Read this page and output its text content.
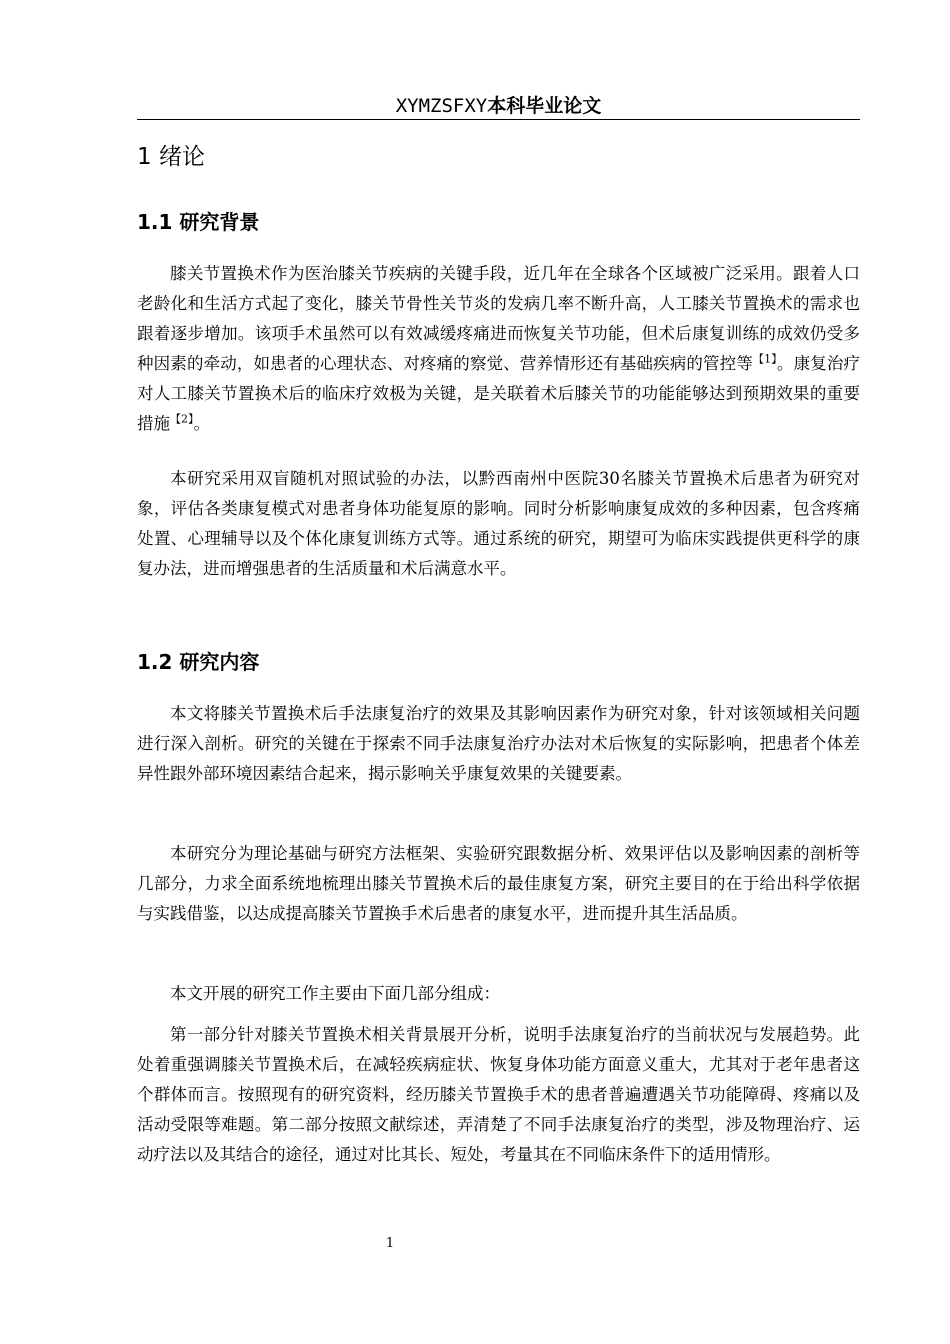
XYMZSFXY本科毕业论文
1 绪论
1.1 研究背景

膝关节置换术作为医治膝关节疾病的关键手段，近几年在全球各个区域被广泛采用。跟着人口老龄化和生活方式起了变化，膝关节骨性关节炎的发病几率不断升高，人工膝关节置换术的需求也跟着逐步增加。该项手术虽然可以有效减缓疼痛进而恢复关节功能，但术后康复训练的成效仍受多种因素的牵动，如患者的心理状态、对疼痛的察觉、营养情形还有基础疾病的管控等$^{【1】}$。康复治疗对人工膝关节置换术后的临床疗效极为关键，是关联着术后膝关节的功能能够达到预期效果的重要措施$^{【2】}$。

本研究采用双盲随机对照试验的办法，以黔西南州中医院30名膝关节置换术后患者为研究对象，评估各类康复模式对患者身体功能复原的影响。同时分析影响康复成效的多种因素，包含疼痛处置、心理辅导以及个体化康复训练方式等。通过系统的研究，期望可为临床实践提供更科学的康复办法，进而增强患者的生活质量和术后满意水平。

1.2 研究内容

本文将膝关节置换术后手法康复治疗的效果及其影响因素作为研究对象，针对该领域相关问题进行深入剖析。研究的关键在于探索不同手法康复治疗办法对术后恢复的实际影响，把患者个体差异性跟外部环境因素结合起来，揭示影响关乎康复效果的关键要素。

本研究分为理论基础与研究方法框架、实验研究跟数据分析、效果评估以及影响因素的剖析等几部分，力求全面系统地梳理出膝关节置换术后的最佳康复方案，研究主要目的在于给出科学依据与实践借鉴，以达成提高膝关节置换手术后患者的康复水平，进而提升其生活品质。

本文开展的研究工作主要由下面几部分组成：

第一部分针对膝关节置换术相关背景展开分析，说明手法康复治疗的当前状况与发展趋势。此处着重强调膝关节置换术后，在减轻疾病症状、恢复身体功能方面意义重大，尤其对于老年患者这个群体而言。按照现有的研究资料，经历膝关节置换手术的患者普遍遭遇关节功能障碍、疼痛以及活动受限等难题。第二部分按照文献综述，弄清楚了不同手法康复治疗的类型，涉及物理治疗、运动疗法以及其结合的途径，通过对比其长、短处，考量其在不同临床条件下的适用情形。

1
